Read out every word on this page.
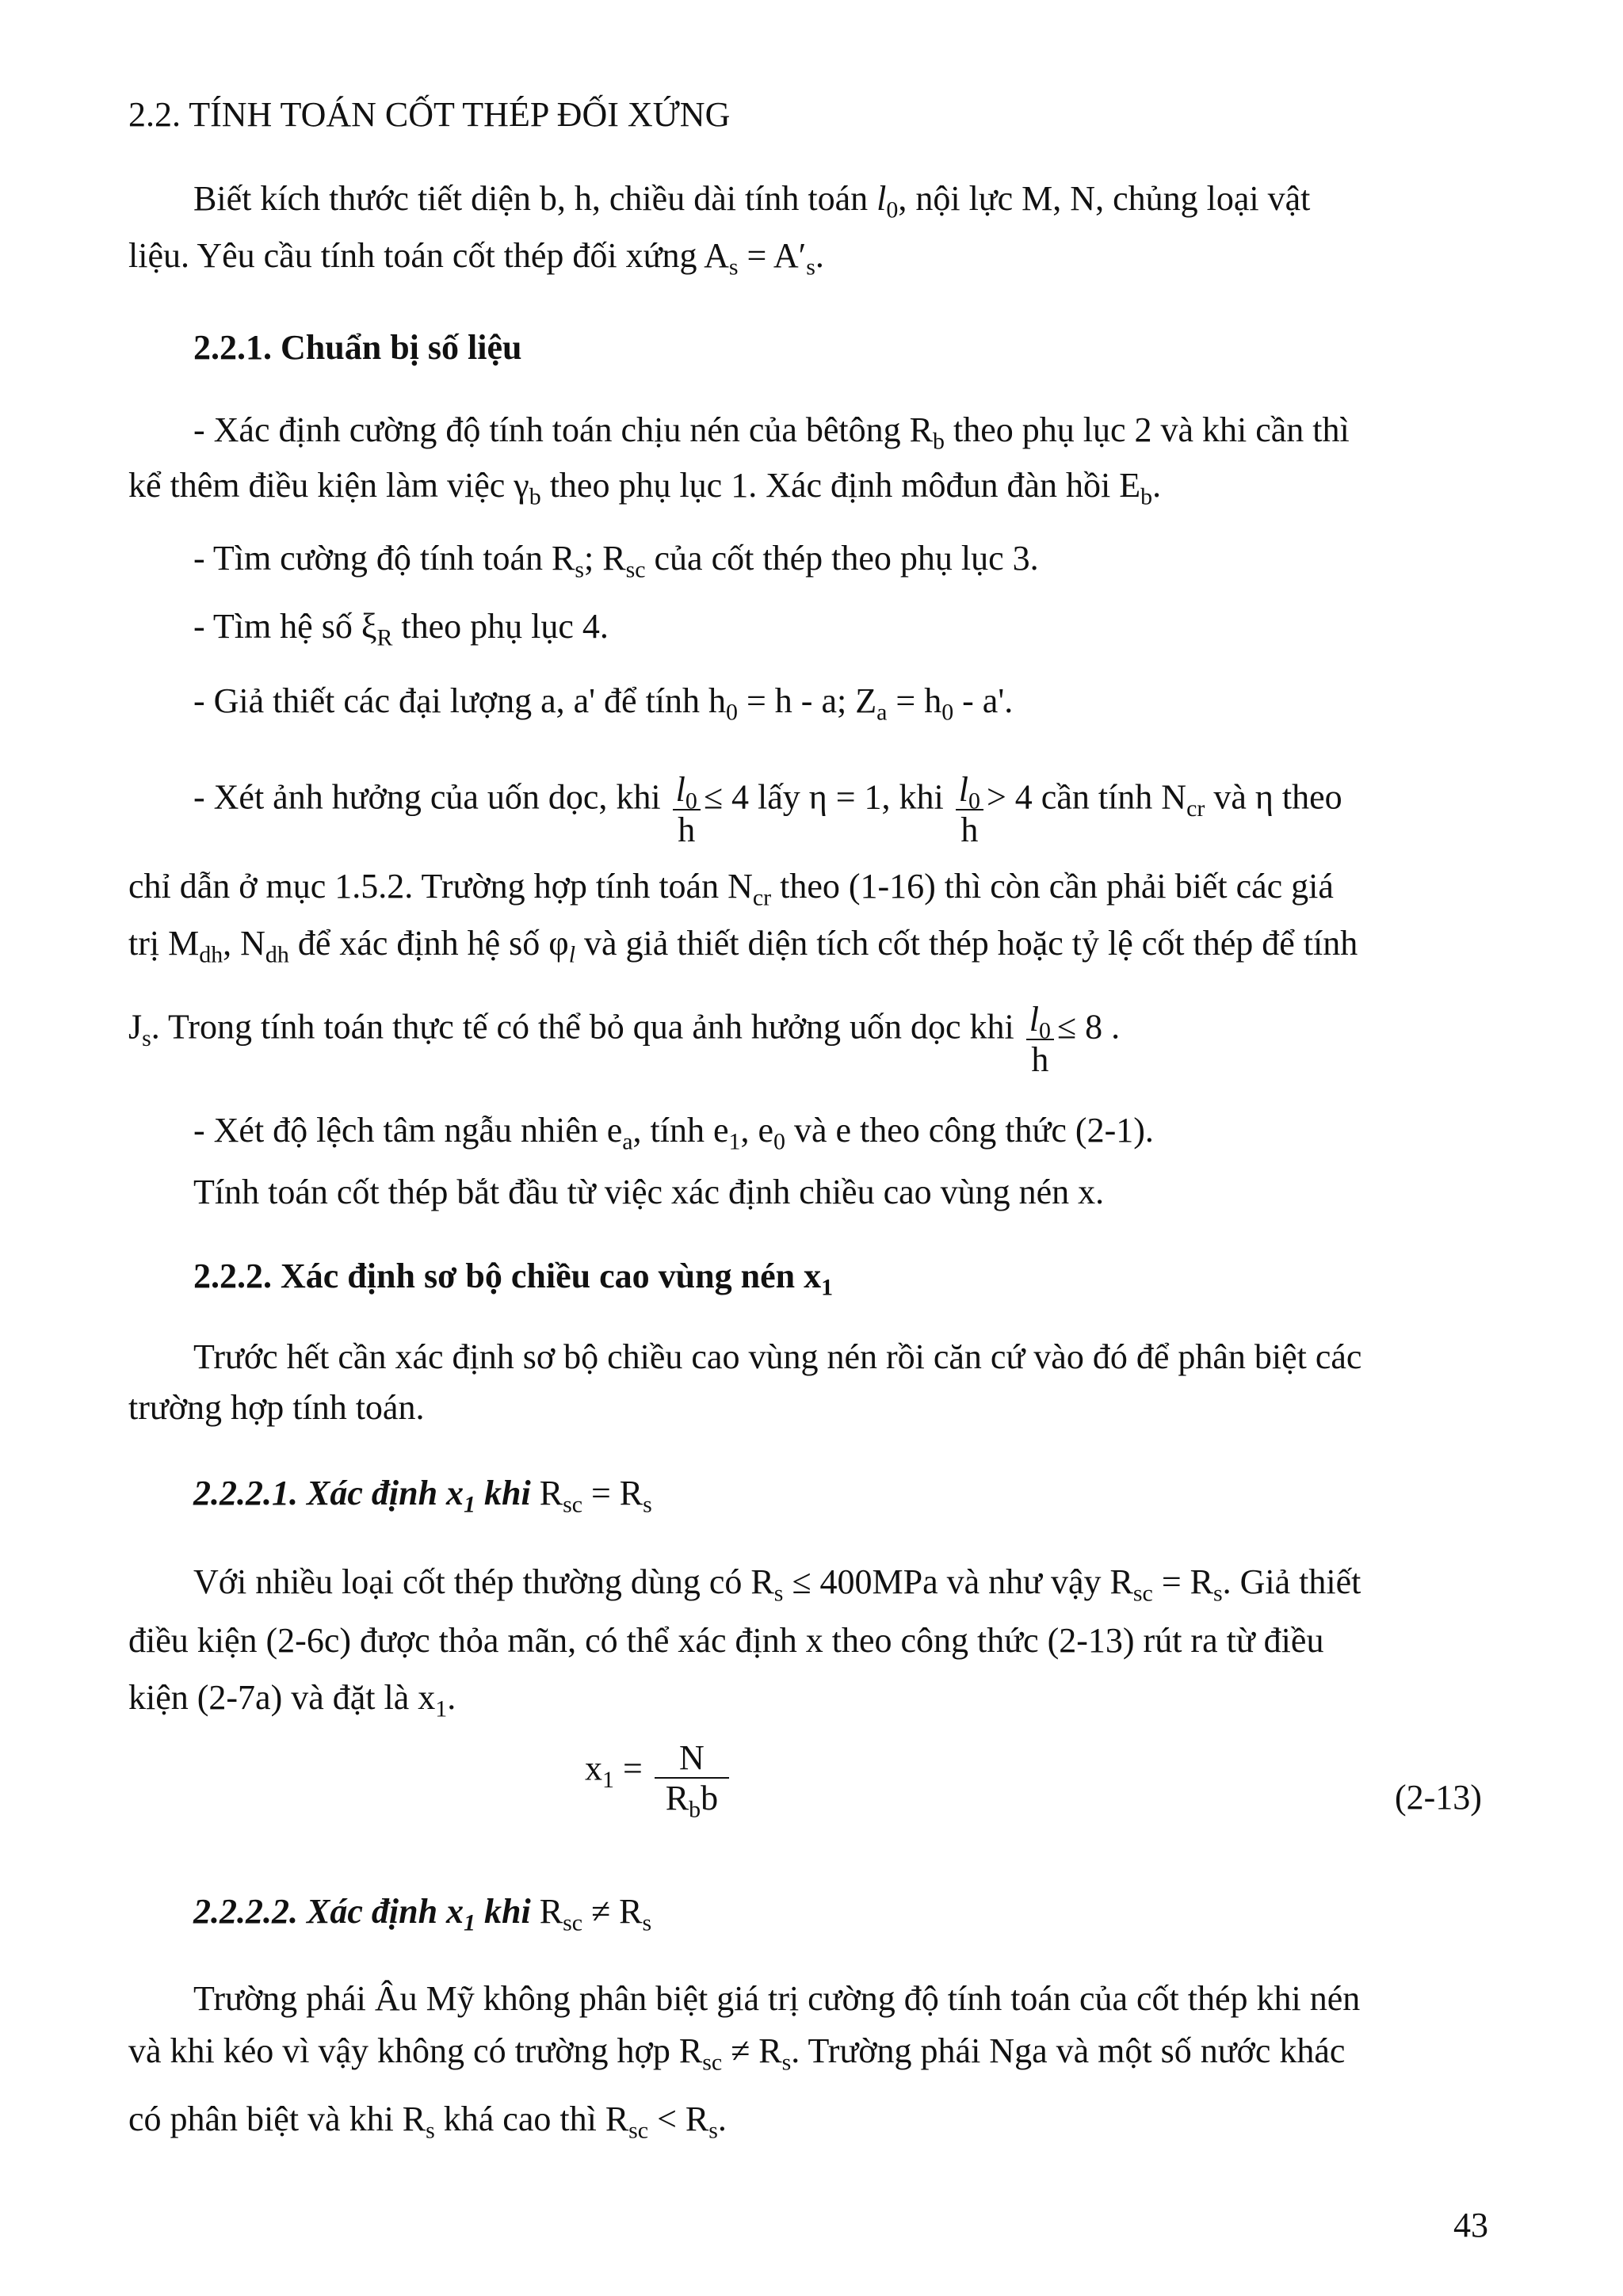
2.2. TÍNH TOÁN CỐT THÉP ĐỐI XỨNG
Biết kích thước tiết diện b, h, chiều dài tính toán $l_0$, nội lực M, N, chủng loại vật
liệu. Yêu cầu tính toán cốt thép đối xứng $A_s = A'_s$.
2.2.1. Chuẩn bị số liệu
- Xác định cường độ tính toán chịu nén của bêtông $R_b$ theo phụ lục 2 và khi cần thì
kể thêm điều kiện làm việc $\gamma_b$ theo phụ lục 1. Xác định môđun đàn hồi $E_b$.
- Tìm cường độ tính toán $R_s$; $R_{sc}$ của cốt thép theo phụ lục 3.
- Tìm hệ số $\xi_R$ theo phụ lục 4.
- Giả thiết các đại lượng a, a' để tính $h_0 = h - a$; $Z_a = h_0 - a'$.
- Xét ảnh hưởng của uốn dọc, khi $\frac{l_0}{h} \le 4$ lấy η = 1, khi $\frac{l_0}{h} > 4$ cần tính $N_{cr}$ và η theo
chỉ dẫn ở mục 1.5.2. Trường hợp tính toán $N_{cr}$ theo (1-16) thì còn cần phải biết các giá
trị $M_{dh}$, $N_{dh}$ để xác định hệ số $\varphi_l$ và giả thiết diện tích cốt thép hoặc tỷ lệ cốt thép để tính
$J_s$. Trong tính toán thực tế có thể bỏ qua ảnh hưởng uốn dọc khi $\frac{l_0}{h} \le 8$ .
- Xét độ lệch tâm ngẫu nhiên $e_a$, tính $e_1$, $e_0$ và e theo công thức (2-1).
Tính toán cốt thép bắt đầu từ việc xác định chiều cao vùng nén x.
2.2.2. Xác định sơ bộ chiều cao vùng nén $x_1$
Trước hết cần xác định sơ bộ chiều cao vùng nén rồi căn cứ vào đó để phân biệt các
trường hợp tính toán.
2.2.2.1. Xác định $x_1$ khi $R_{sc} = R_s$
Với nhiều loại cốt thép thường dùng có $R_s \le 400MPa$ và như vậy $R_{sc} = R_s$. Giả thiết
điều kiện (2-6c) được thỏa mãn, có thể xác định x theo công thức (2-13) rút ra từ điều
kiện (2-7a) và đặt là $x_1$.
$x_1 = \frac{N}{R_bb}$	(2-13)
2.2.2.2. Xác định $x_1$ khi $R_{sc} \ne R_s$
Trường phái Âu Mỹ không phân biệt giá trị cường độ tính toán của cốt thép khi nén
và khi kéo vì vậy không có trường hợp $R_{sc} \ne R_s$. Trường phái Nga và một số nước khác
có phân biệt và khi $R_s$ khá cao thì $R_{sc} < R_s$.
43
